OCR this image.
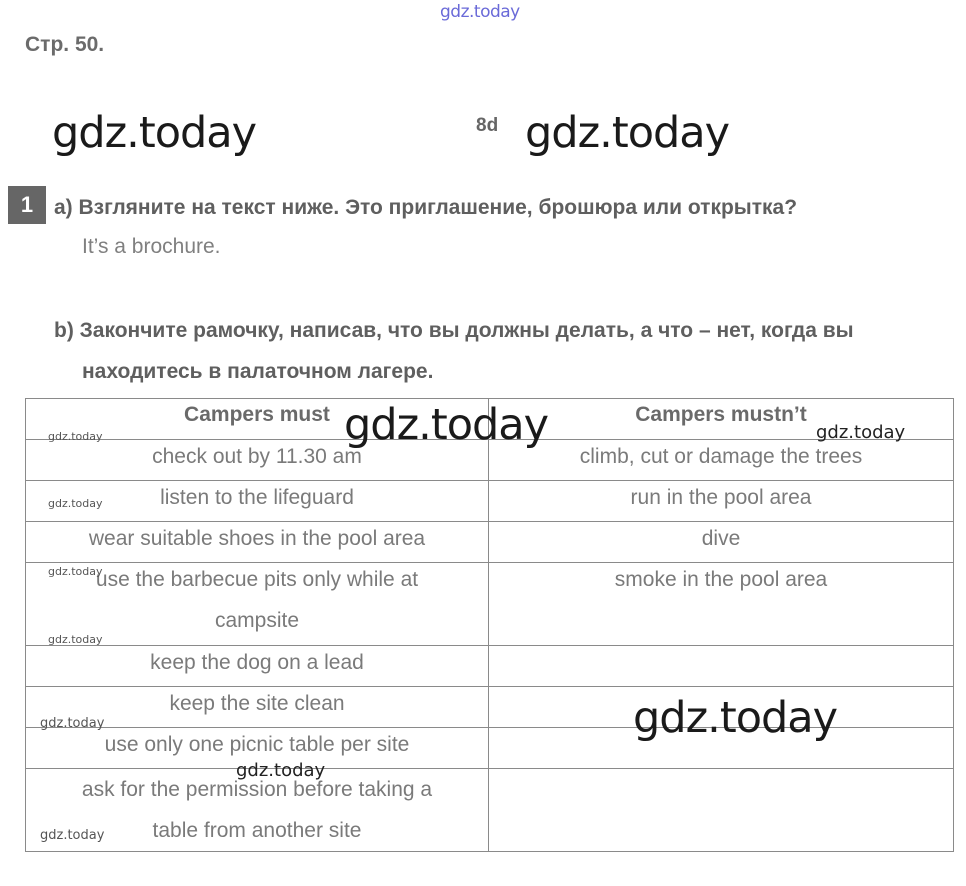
gdz.today
Стр. 50.
gdz.today	8d gdz.today
1 a) Взгляните на текст ниже. Это приглашение, брошюра или открытка?
It’s a brochure.
b) Закончите рамочку, написав, что вы должны делать, а что – нет, когда вы
находитесь в палаточном лагере.
Campers must	Campers mustn’t
check out by 11.30 am	climb, cut or damage the trees
listen to the lifeguard	run in the pool area
wear suitable shoes in the pool area	dive

use the barbecue pits only while at campsite	smoke in the pool area
keep the dog on a lead	
keep the site clean	
use only one picnic table per site	

ask for the permission before taking a table from another site	

gdz.today
gdz.today
gdz.today
gdz.today
gdz.today
gdz.today
gdz.today
gdz.today
gdz.today
gdz.today
